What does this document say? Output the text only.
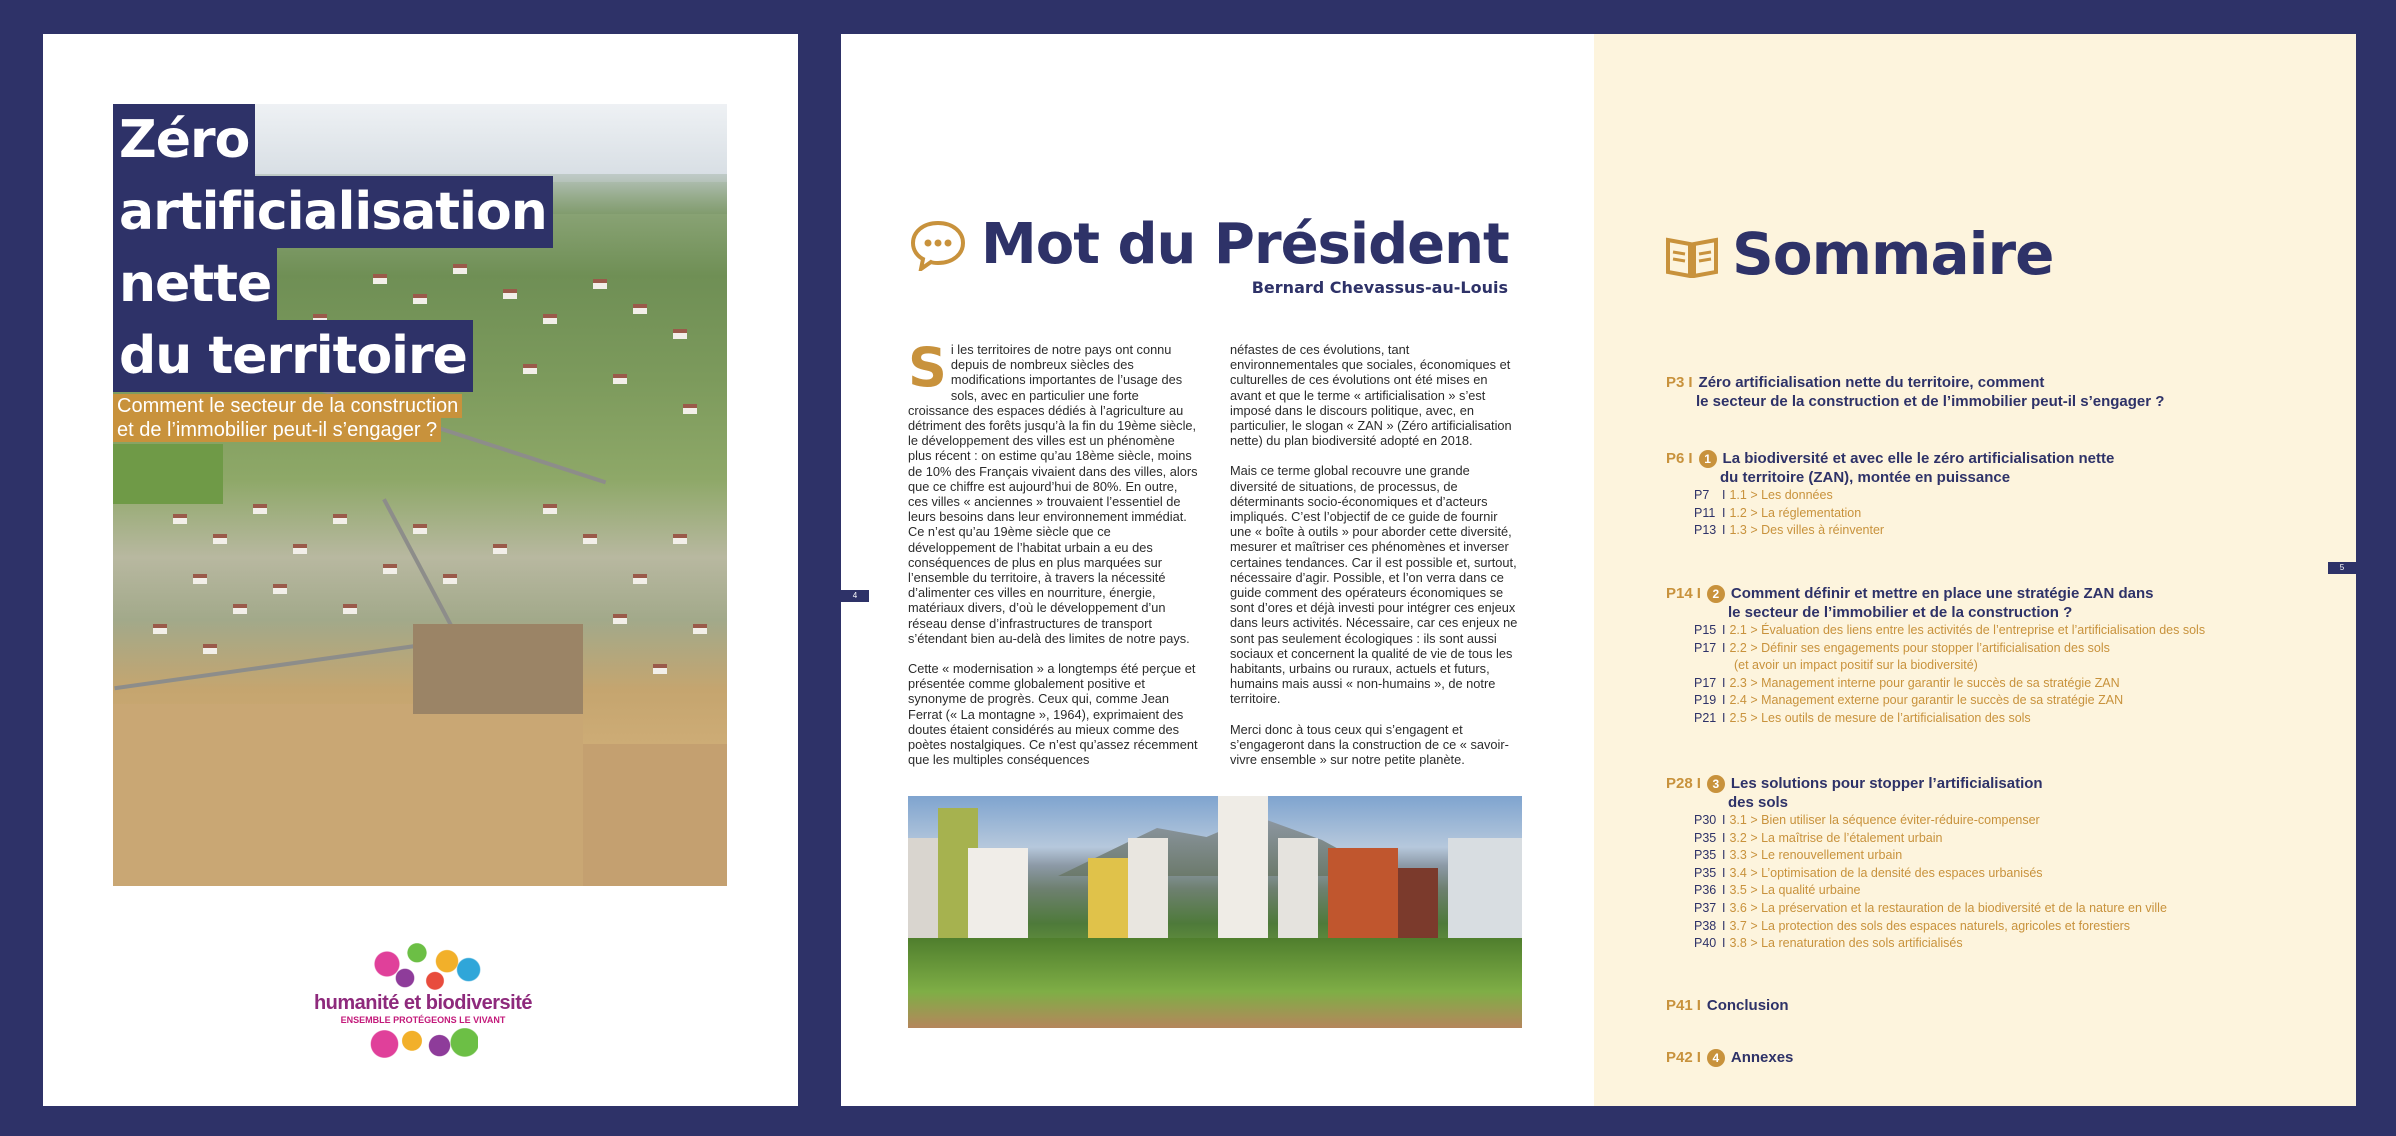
Zéro
artificialisation
nette
du territoire
Comment le secteur de la construction
et de l’immobilier peut-il s’engager ?
humanité et biodiversité
ENSEMBLE PROTÉGEONS LE VIVANT
Mot du Président
Bernard Chevassus-au-Louis

Si les territoires de notre pays ont connu depuis de nombreux siècles des modifications importantes de l’usage des sols, avec en particulier une forte croissance des espaces dédiés à l’agriculture au détriment des forêts jusqu’à la fin du 19ème siècle, le développement des villes est un phénomène plus récent : on estime qu’au 18ème siècle, moins de 10% des Français vivaient dans des villes, alors que ce chiffre est aujourd’hui de 80%. En outre, ces villes « anciennes » trouvaient l’essentiel de leurs besoins dans leur environnement immédiat. Ce n’est qu’au 19ème siècle que ce développement de l’habitat urbain a eu des conséquences de plus en plus marquées sur l’ensemble du territoire, à travers la nécessité d’alimenter ces villes en nourriture, énergie, matériaux divers, d’où le développement d’un réseau dense d’infrastructures de transport s’étendant bien au-delà des limites de notre pays.

Cette « modernisation » a longtemps été perçue et présentée comme globalement positive et synonyme de progrès. Ceux qui, comme Jean Ferrat (« La montagne », 1964), exprimaient des doutes étaient considérés au mieux comme des poètes nostalgiques. Ce n’est qu’assez récemment que les multiples conséquences

néfastes de ces évolutions, tant environnementales que sociales, économiques et culturelles de ces évolutions ont été mises en avant et que le terme « artificialisation » s’est imposé dans le discours politique, avec, en particulier, le slogan « ZAN » (Zéro artificialisation nette) du plan biodiversité adopté en 2018.

Mais ce terme global recouvre une grande diversité de situations, de processus, de déterminants socio-économiques et d’acteurs impliqués. C’est l’objectif de ce guide de fournir une « boîte à outils » pour aborder cette diversité, mesurer et maîtriser ces phénomènes et inverser certaines tendances. Car il est possible et, surtout, nécessaire d’agir. Possible, et l’on verra dans ce guide comment des opérateurs économiques se sont d’ores et déjà investi pour intégrer ces enjeux dans leurs activités. Nécessaire, car ces enjeux ne sont pas seulement écologiques : ils sont aussi sociaux et concernent la qualité de vie de tous les habitants, urbains ou ruraux, actuels et futurs, humains mais aussi « non-humains », de notre territoire.

Merci donc à tous ceux qui s’engagent et s’engageront dans la construction de ce « savoir-vivre ensemble » sur notre petite planète.

4
Sommaire
P3 I Zéro artificialisation nette du territoire, comment
le secteur de la construction et de l’immobilier peut-il s’engager ?
P6 I 1 La biodiversité et avec elle le zéro artificialisation nette
du territoire (ZAN), montée en puissance
P7 I 1.1 > Les données
P11 I 1.2 > La réglementation
P13 I 1.3 > Des villes à réinventer
P14 I 2 Comment définir et mettre en place une stratégie ZAN dans
le secteur de l’immobilier et de la construction ?
P15 I 2.1 > Évaluation des liens entre les activités de l’entreprise et l’artificialisation des sols
P17 I 2.2 > Définir ses engagements pour stopper l’artificialisation des sols
(et avoir un impact positif sur la biodiversité)
P17 I 2.3 > Management interne pour garantir le succès de sa stratégie ZAN
P19 I 2.4 > Management externe pour garantir le succès de sa stratégie ZAN
P21 I 2.5 > Les outils de mesure de l’artificialisation des sols
P28 I 3 Les solutions pour stopper l’artificialisation
des sols
P30 I 3.1 > Bien utiliser la séquence éviter-réduire-compenser
P35 I 3.2 > La maîtrise de l’étalement urbain
P35 I 3.3 > Le renouvellement urbain
P35 I 3.4 > L’optimisation de la densité des espaces urbanisés
P36 I 3.5 > La qualité urbaine
P37 I 3.6 > La préservation et la restauration de la biodiversité et de la nature en ville
P38 I 3.7 > La protection des sols des espaces naturels, agricoles et forestiers
P40 I 3.8 > La renaturation des sols artificialisés
P41 I Conclusion
P42 I 4 Annexes
5
